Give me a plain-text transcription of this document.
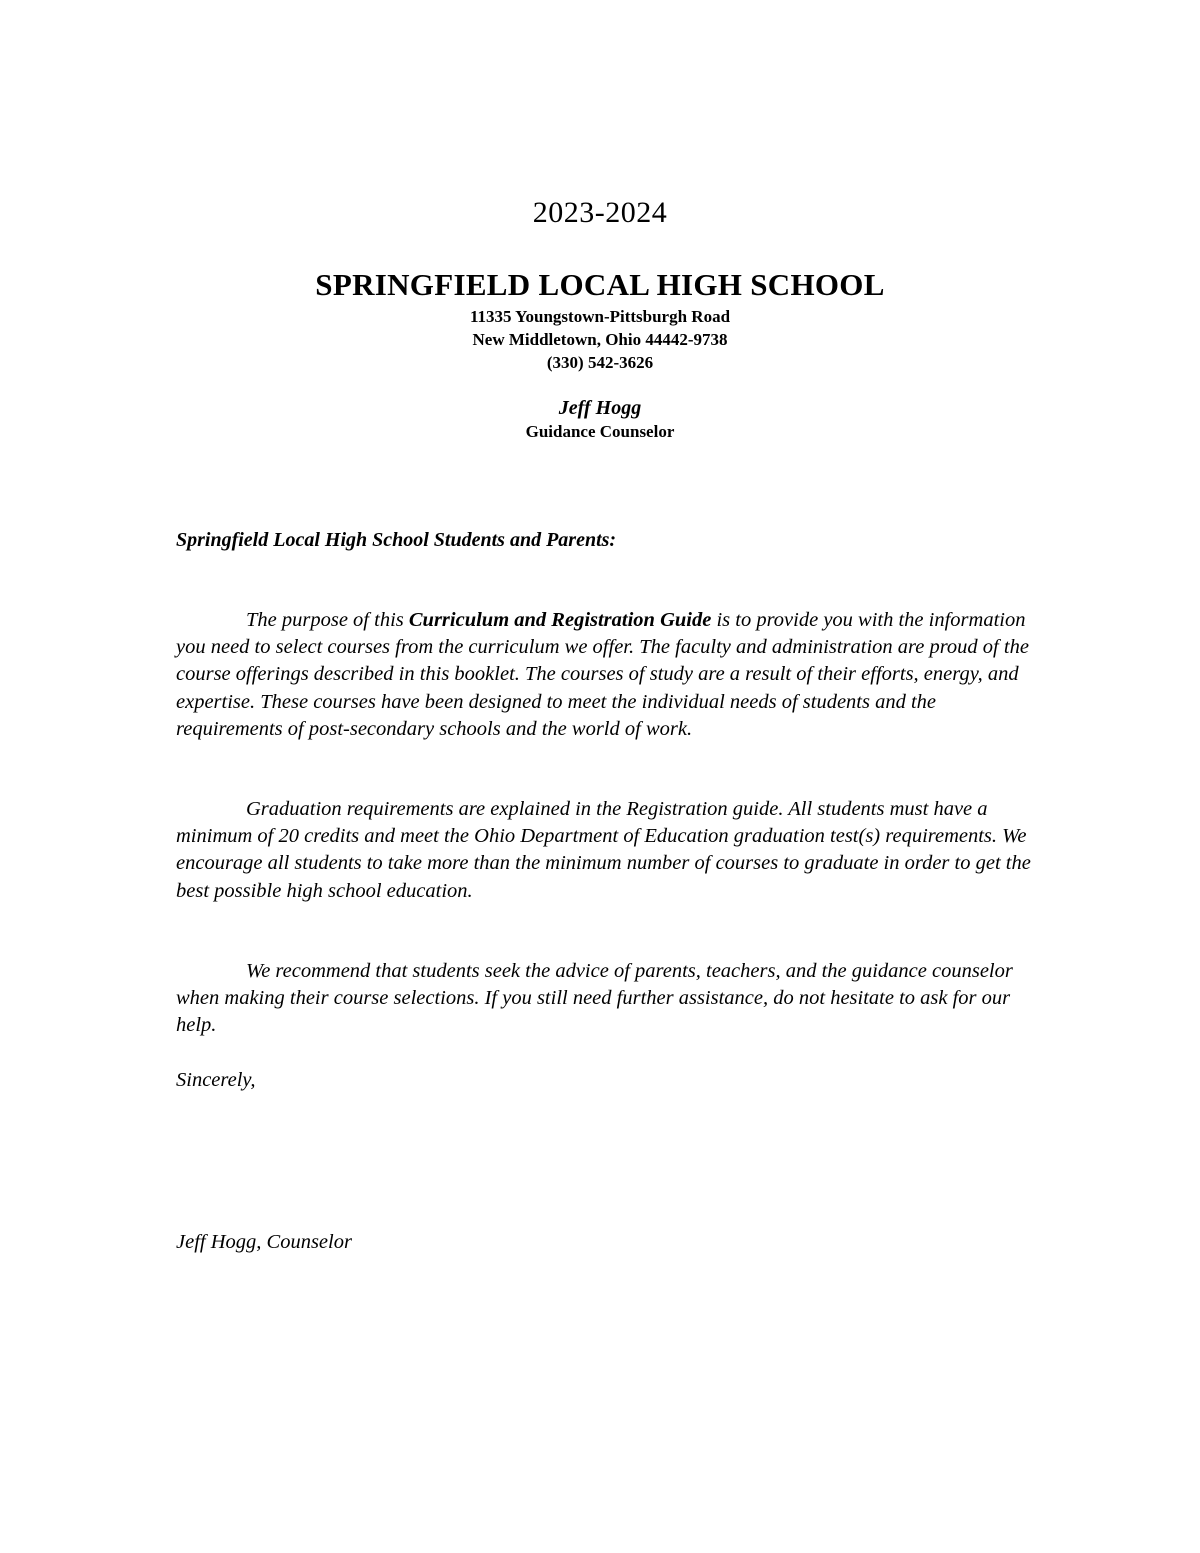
2023-2024
SPRINGFIELD LOCAL HIGH SCHOOL
11335 Youngstown-Pittsburgh Road
New Middletown, Ohio 44442-9738
(330) 542-3626
Jeff Hogg
Guidance Counselor
Springfield Local High School Students and Parents:
The purpose of this Curriculum and Registration Guide is to provide you with the information you need to select courses from the curriculum we offer. The faculty and administration are proud of the course offerings described in this booklet. The courses of study are a result of their efforts, energy, and expertise. These courses have been designed to meet the individual needs of students and the requirements of post-secondary schools and the world of work.
Graduation requirements are explained in the Registration guide. All students must have a minimum of 20 credits and meet the Ohio Department of Education graduation test(s) requirements. We encourage all students to take more than the minimum number of courses to graduate in order to get the best possible high school education.
We recommend that students seek the advice of parents, teachers, and the guidance counselor when making their course selections. If you still need further assistance, do not hesitate to ask for our help.
Sincerely,
Jeff Hogg, Counselor
